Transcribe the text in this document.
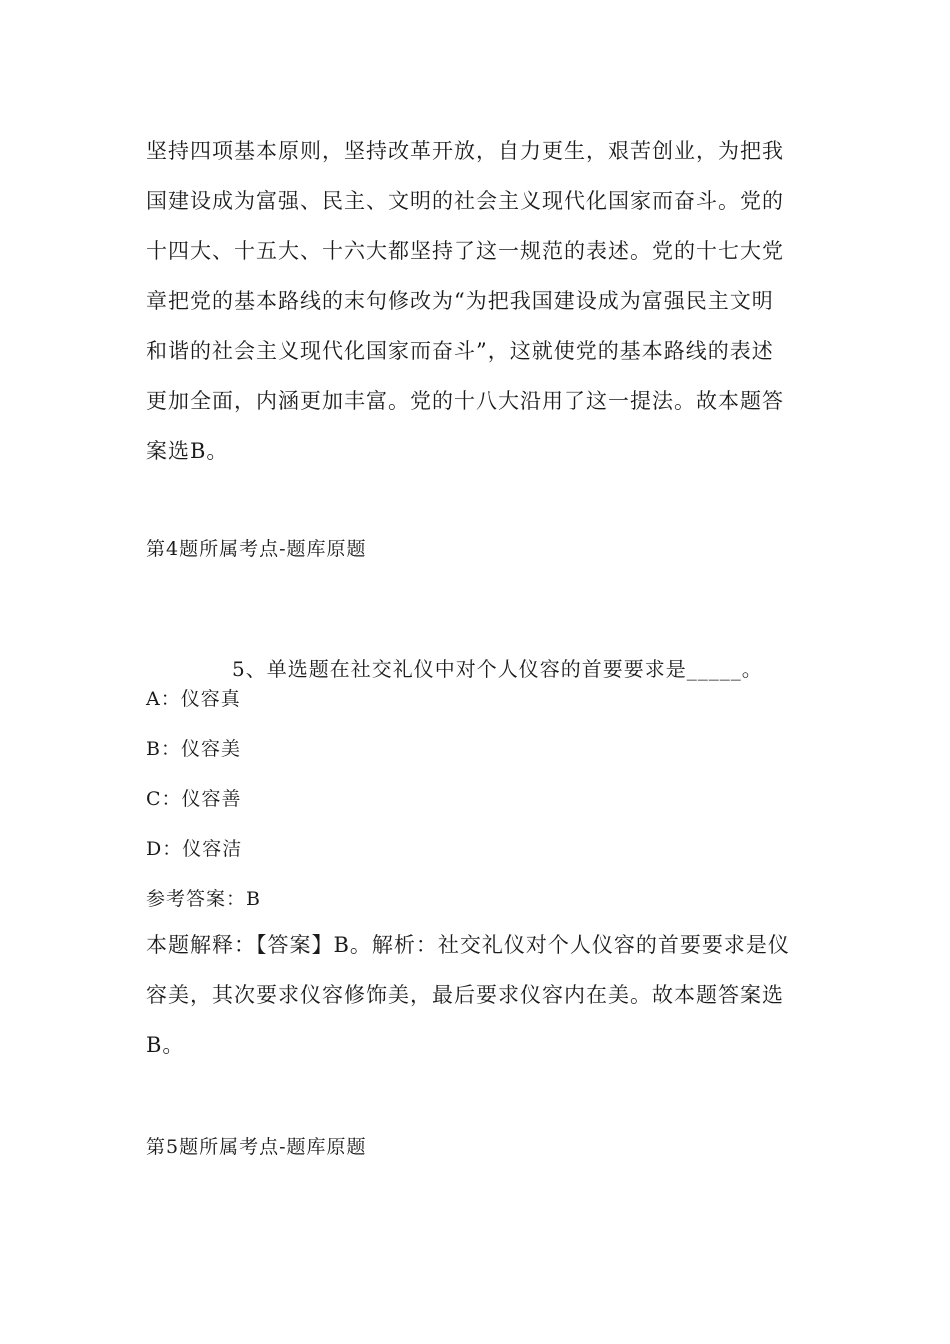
坚持四项基本原则，坚持改革开放，自力更生，艰苦创业，为把我
国建设成为富强、民主、文明的社会主义现代化国家而奋斗。党的
十四大、十五大、十六大都坚持了这一规范的表述。党的十七大党
章把党的基本路线的末句修改为“为把我国建设成为富强民主文明
和谐的社会主义现代化国家而奋斗”，这就使党的基本路线的表述
更加全面，内涵更加丰富。党的十八大沿用了这一提法。故本题答
案选B。

第4题所属考点-题库原题

5、单选题在社交礼仪中对个人仪容的首要要求是_____。

A：仪容真

B：仪容美

C：仪容善

D：仪容洁

参考答案：B

本题解释：【答案】B。解析：社交礼仪对个人仪容的首要要求是仪
容美，其次要求仪容修饰美，最后要求仪容内在美。故本题答案选
B。

第5题所属考点-题库原题
